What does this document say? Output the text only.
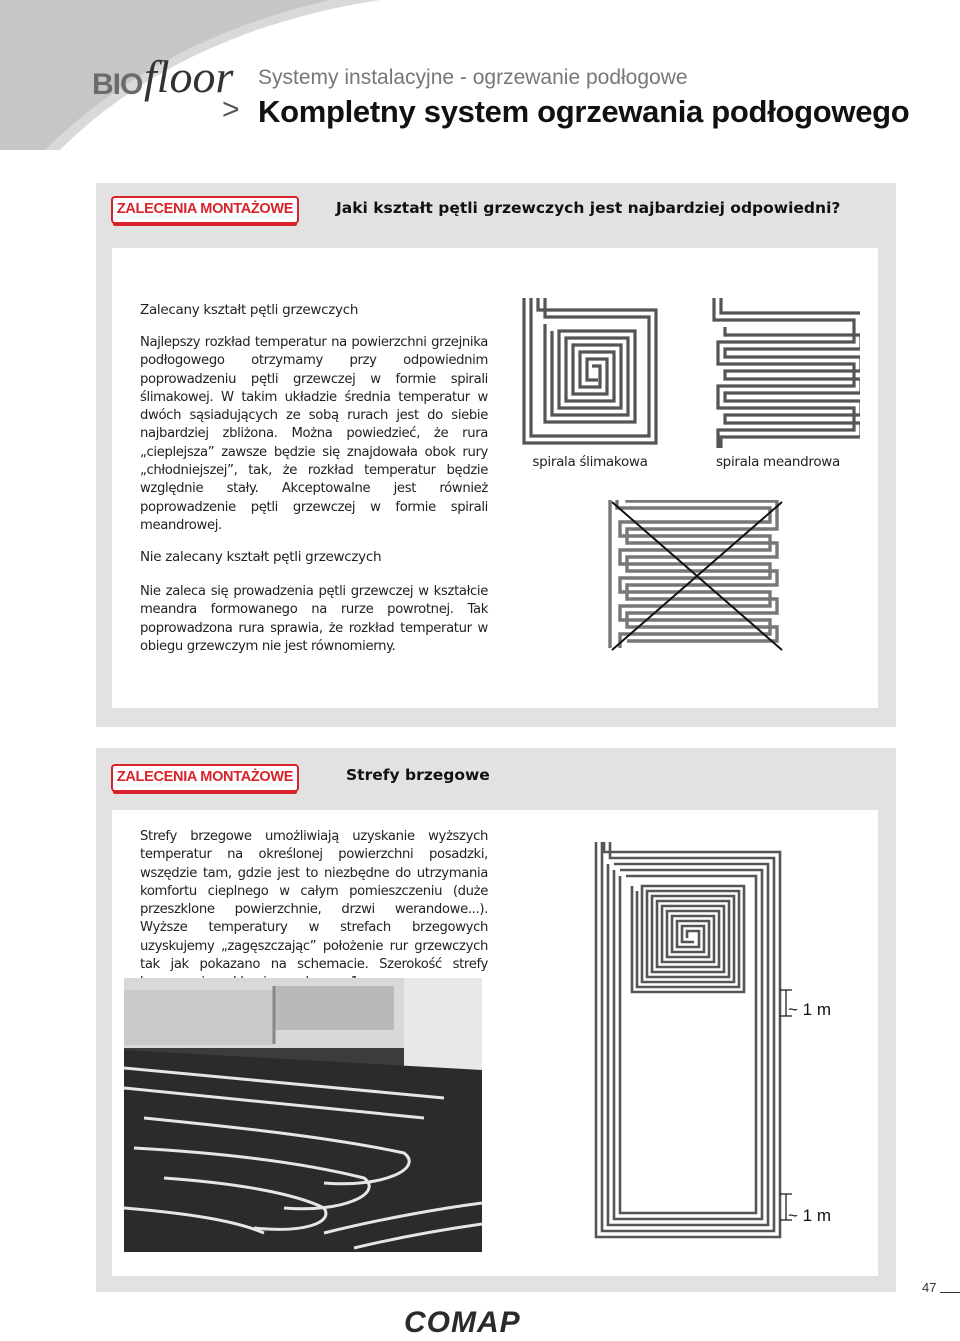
BIO floor Systemy instalacyjne - ogrzewanie podłogowe
> Kompletny system ogrzewania podłogowego
ZALECENIA MONTAŻOWE	Jaki kształt pętli grzewczych jest najbardziej odpowiedni?
Zalecany kształt pętli grzewczych
Najlepszy rozkład temperatur na powierzchni grzejnika podłogowego otrzymamy przy odpowiednim poprowadzeniu pętli grzewczej w formie spirali ślimakowej. W takim układzie średnia temperatur w dwóch sąsiadujących ze sobą rurach jest do siebie najbardziej zbliżona. Można powiedzieć, że rura „cieplejsza” zawsze będzie się znajdowała obok rury „chłodniejszej”, tak, że rozkład temperatur będzie względnie stały. Akceptowalne jest również poprowadzenie pętli grzewczej w formie spirali meandrowej.
spirala ślimakowa	spirala meandrowa
Nie zalecany kształt pętli grzewczych
Nie zaleca się prowadzenia pętli grzewczej w kształcie meandra formowanego na rurze powrotnej. Tak poprowadzona rura sprawia, że rozkład temperatur w obiegu grzewczym nie jest równomierny.
ZALECENIA MONTAŻOWE	Strefy brzegowe
Strefy brzegowe umożliwiają uzyskanie wyższych temperatur na określonej powierzchni posadzki, wszędzie tam, gdzie jest to niezbędne do utrzymania komfortu cieplnego w całym pomieszczeniu (duże przeszklone powierzchnie, drzwi werandowe...). Wyższe temperatury w strefach brzegowych uzyskujemy „zagęszczając” położenie rur grzewczych tak jak pokazano na schemacie. Szerokość strefy
~ 1 m
~ 1 m
47
COMAP
